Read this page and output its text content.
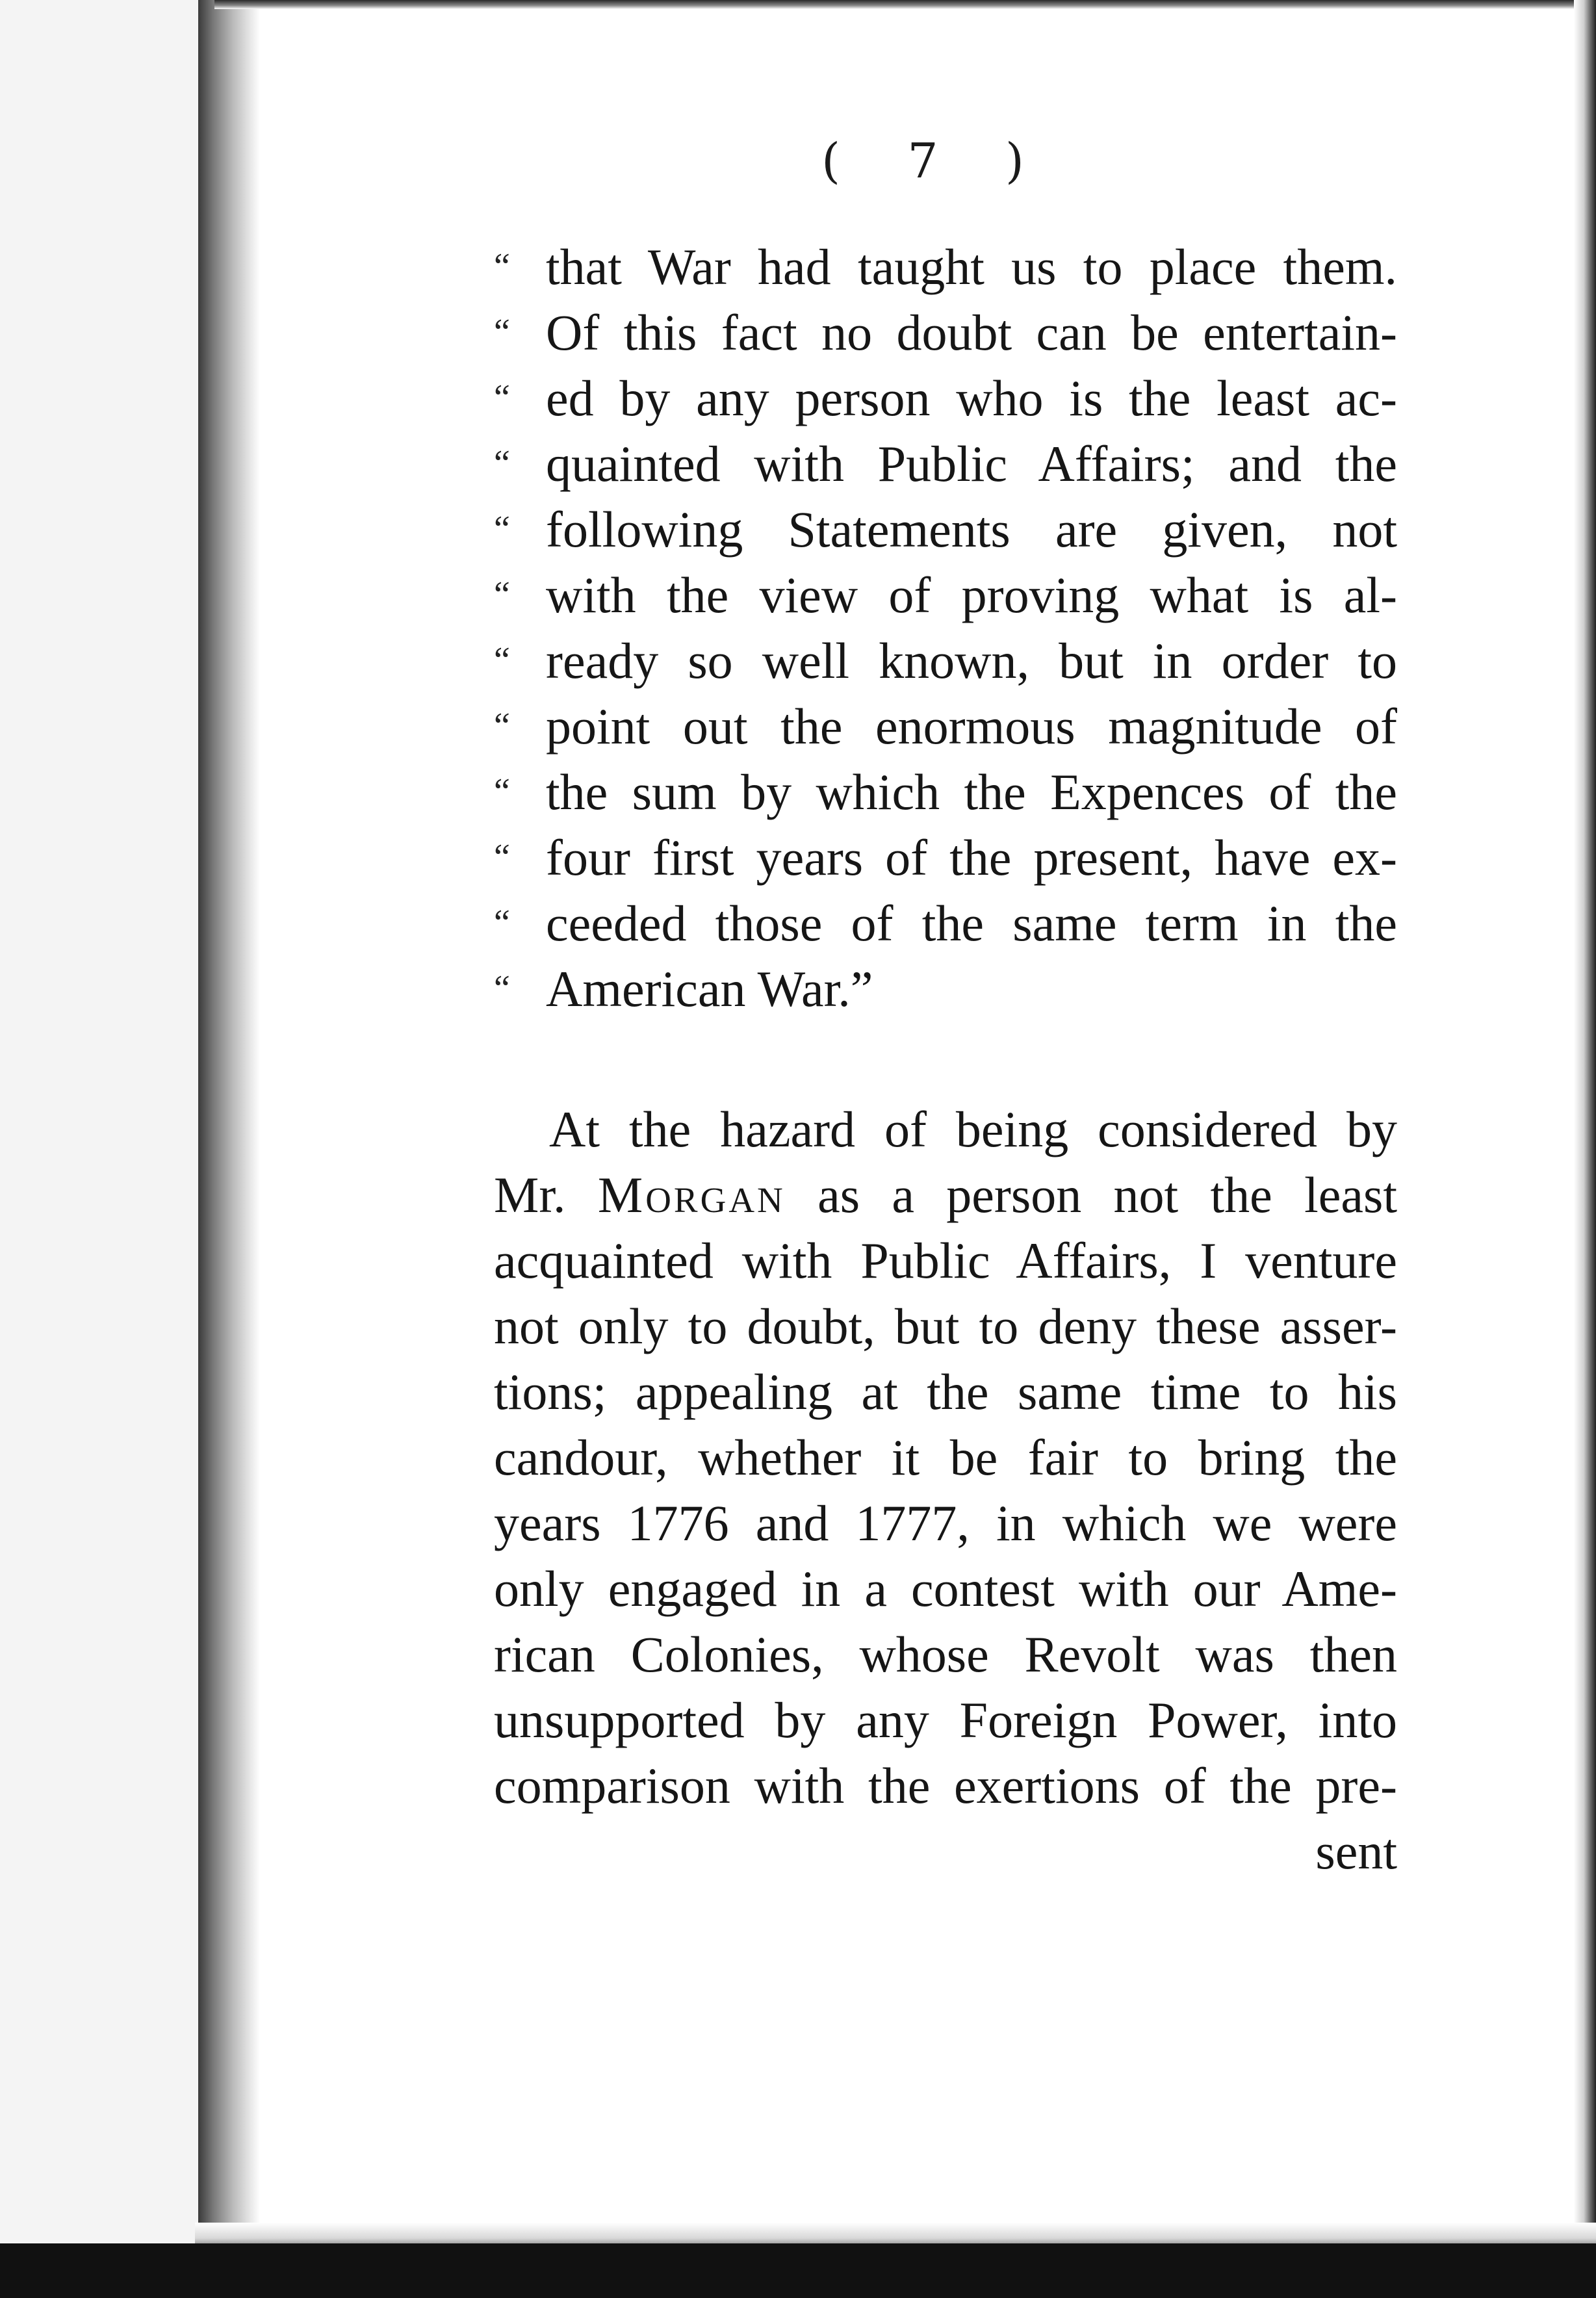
( 7 )
“ that War had taught us to place them.
“ Of this fact no doubt can be entertain-
“ ed by any person who is the least ac-
“ quainted with Public Affairs; and the
“ following Statements are given, not
“ with the view of proving what is al-
“ ready so well known, but in order to
“ point out the enormous magnitude of
“ the sum by which the Expences of the
“ four first years of the present, have ex-
“ ceeded those of the same term in the
“ American War.”
At the hazard of being considered by
Mr. Morgan as a person not the least
acquainted with Public Affairs, I venture
not only to doubt, but to deny these asser-
tions; appealing at the same time to his
candour, whether it be fair to bring the
years 1776 and 1777, in which we were
only engaged in a contest with our Ame-
rican Colonies, whose Revolt was then
unsupported by any Foreign Power, into
comparison with the exertions of the pre-
sent
